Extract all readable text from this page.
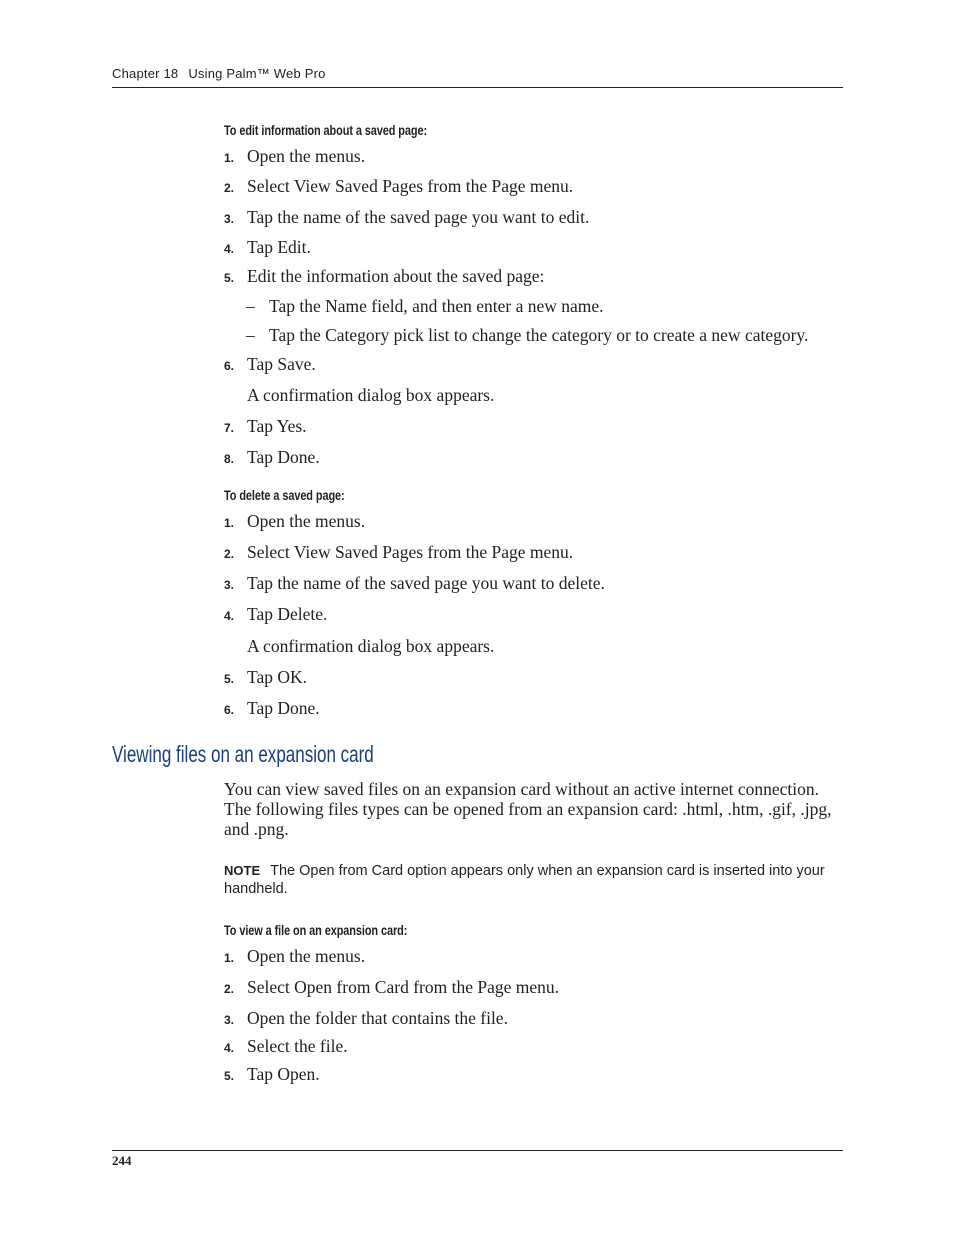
Chapter 18 Using Palm™ Web Pro
To edit information about a saved page:
1. Open the menus.
2. Select View Saved Pages from the Page menu.
3. Tap the name of the saved page you want to edit.
4. Tap Edit.
5. Edit the information about the saved page:
– Tap the Name field, and then enter a new name.
– Tap the Category pick list to change the category or to create a new category.
6. Tap Save.
A confirmation dialog box appears.
7. Tap Yes.
8. Tap Done.
To delete a saved page:
1. Open the menus.
2. Select View Saved Pages from the Page menu.
3. Tap the name of the saved page you want to delete.
4. Tap Delete.
A confirmation dialog box appears.
5. Tap OK.
6. Tap Done.
Viewing files on an expansion card
You can view saved files on an expansion card without an active internet connection. The following files types can be opened from an expansion card: .html, .htm, .gif, .jpg, and .png.
NOTE The Open from Card option appears only when an expansion card is inserted into your handheld.
To view a file on an expansion card:
1. Open the menus.
2. Select Open from Card from the Page menu.
3. Open the folder that contains the file.
4. Select the file.
5. Tap Open.
244
